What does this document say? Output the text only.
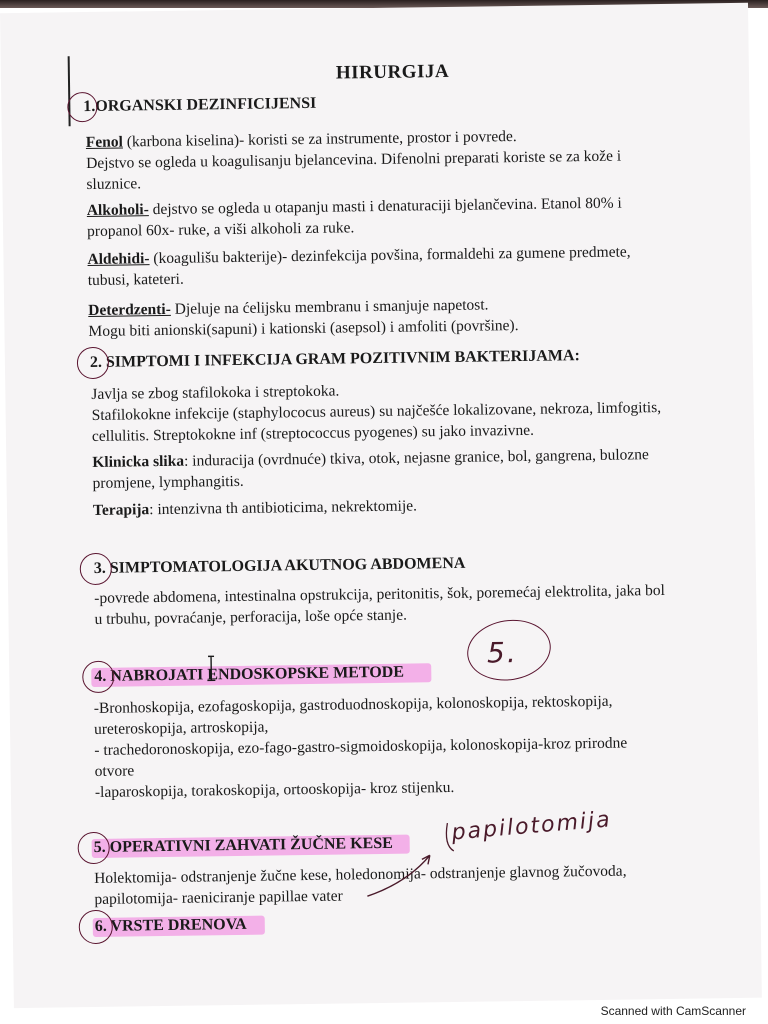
HIRURGIJA
1.ORGANSKI DEZINFICIJENSI
Fenol (karbona kiselina)- koristi se za instrumente, prostor i povrede.
Dejstvo se ogleda u koagulisanju bjelancevina. Difenolni preparati koriste se za kože i
sluznice.
Alkoholi- dejstvo se ogleda u otapanju masti i denaturaciji bjelančevina. Etanol 80% i
propanol 60x- ruke, a viši alkoholi za ruke.
Aldehidi- (koagulišu bakterije)- dezinfekcija povšina, formaldehi za gumene predmete,
tubusi, kateteri.
Deterdzenti- Djeluje na ćelijsku membranu i smanjuje napetost.
Mogu biti anionski(sapuni) i kationski (asepsol) i amfoliti (površine).
2. SIMPTOMI I INFEKCIJA GRAM POZITIVNIM BAKTERIJAMA:
Javlja se zbog stafilokoka i streptokoka.
Stafilokokne infekcije (staphylococus aureus) su najčešće lokalizovane, nekroza, limfogitis,
cellulitis. Streptokokne inf (streptococcus pyogenes) su jako invazivne.
Klinicka slika: induracija (ovrdnuće) tkiva, otok, nejasne granice, bol, gangrena, bulozne
promjene, lymphangitis.
Terapija: intenzivna th antibioticima, nekrektomije.
3. SIMPTOMATOLOGIJA AKUTNOG ABDOMENA
-povrede abdomena, intestinalna opstrukcija, peritonitis, šok, poremećaj elektrolita, jaka bol
u trbuhu, povraćanje, perforacija, loše opće stanje.
4. NABROJATI ENDOSKOPSKE METODE
-Bronhoskopija, ezofagoskopija, gastroduodnoskopija, kolonoskopija, rektoskopija,
ureteroskopija, artroskopija,
- trachedoronoskopija, ezo-fago-gastro-sigmoidoskopija, kolonoskopija-kroz prirodne
otvore
-laparoskopija, torakoskopija, ortooskopija- kroz stijenku.
5. OPERATIVNI ZAHVATI ŽUČNE KESE
Holektomija- odstranjenje žučne kese, holedonomija- odstranjenje glavnog žučovoda,
papilotomija- raeniciranje papillae vater
6. VRSTE DRENOVA
5.
papilotomija
Scanned with CamScanner
